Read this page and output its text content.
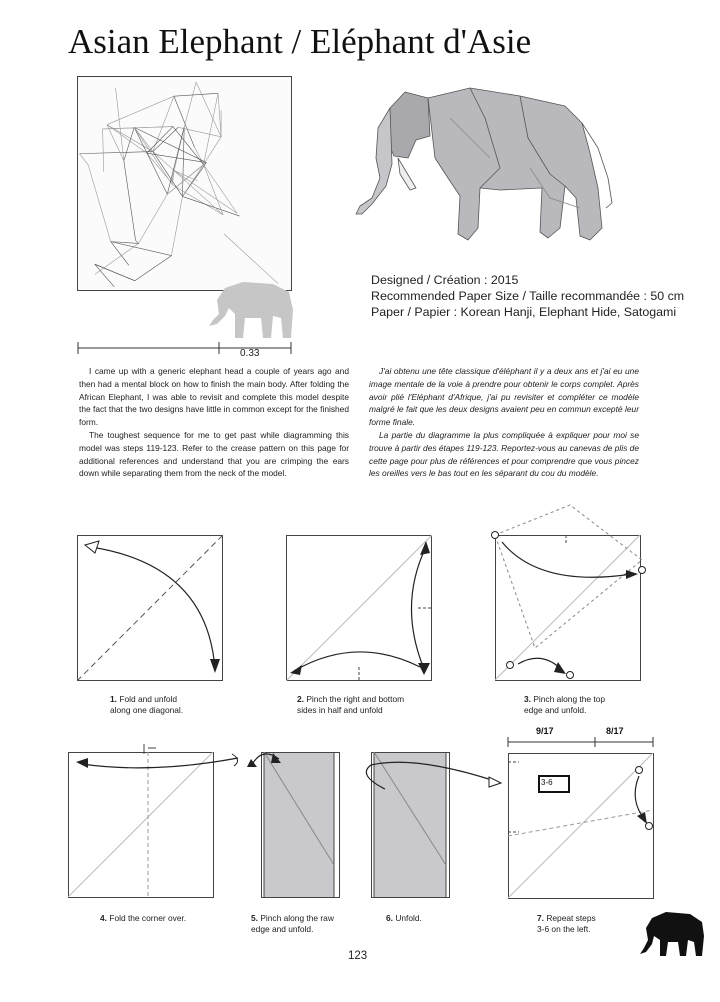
Asian Elephant / Eléphant d'Asie
Designed / Création : 2015
Recommended Paper Size / Taille recommandée : 50 cm
Paper / Papier : Korean Hanji, Elephant Hide, Satogami
0.33

I came up with a generic elephant head a couple of years ago and then had a mental block on how to finish the main body. After folding the African Elephant, I was able to revisit and complete this model despite the fact that the two designs have little in common except for the finished form.

The toughest sequence for me to get past while diagramming this model was steps 119-123. Refer to the crease pattern on this page for additional references and understand that you are crimping the ears down while separating them from the neck of the model.

J'ai obtenu une tête classique d'éléphant il y a deux ans et j'ai eu une image mentale de la voie à prendre pour obtenir le corps complet. Après avoir plié l'Eléphant d'Afrique, j'ai pu revisiter et compléter ce modèle malgré le fait que les deux designs avaient peu en commun excepté leur forme finale.

La partie du diagramme la plus compliquée à expliquer pour moi se trouve à partir des étapes 119-123. Reportez-vous au canevas de plis de cette page pour plus de références et pour comprendre que vous pincez les oreilles vers le bas tout en les séparant du cou du modèle.

1. Fold and unfold
along one diagonal.
2. Pinch the right and bottom
sides in half and unfold
3. Pinch along the top
edge and unfold.
4. Fold the corner over.	5. Pinch along the raw
edge and unfold.
6. Unfold.
9/17	8/17
3-6
7. Repeat steps
3-6 on the left.
123
